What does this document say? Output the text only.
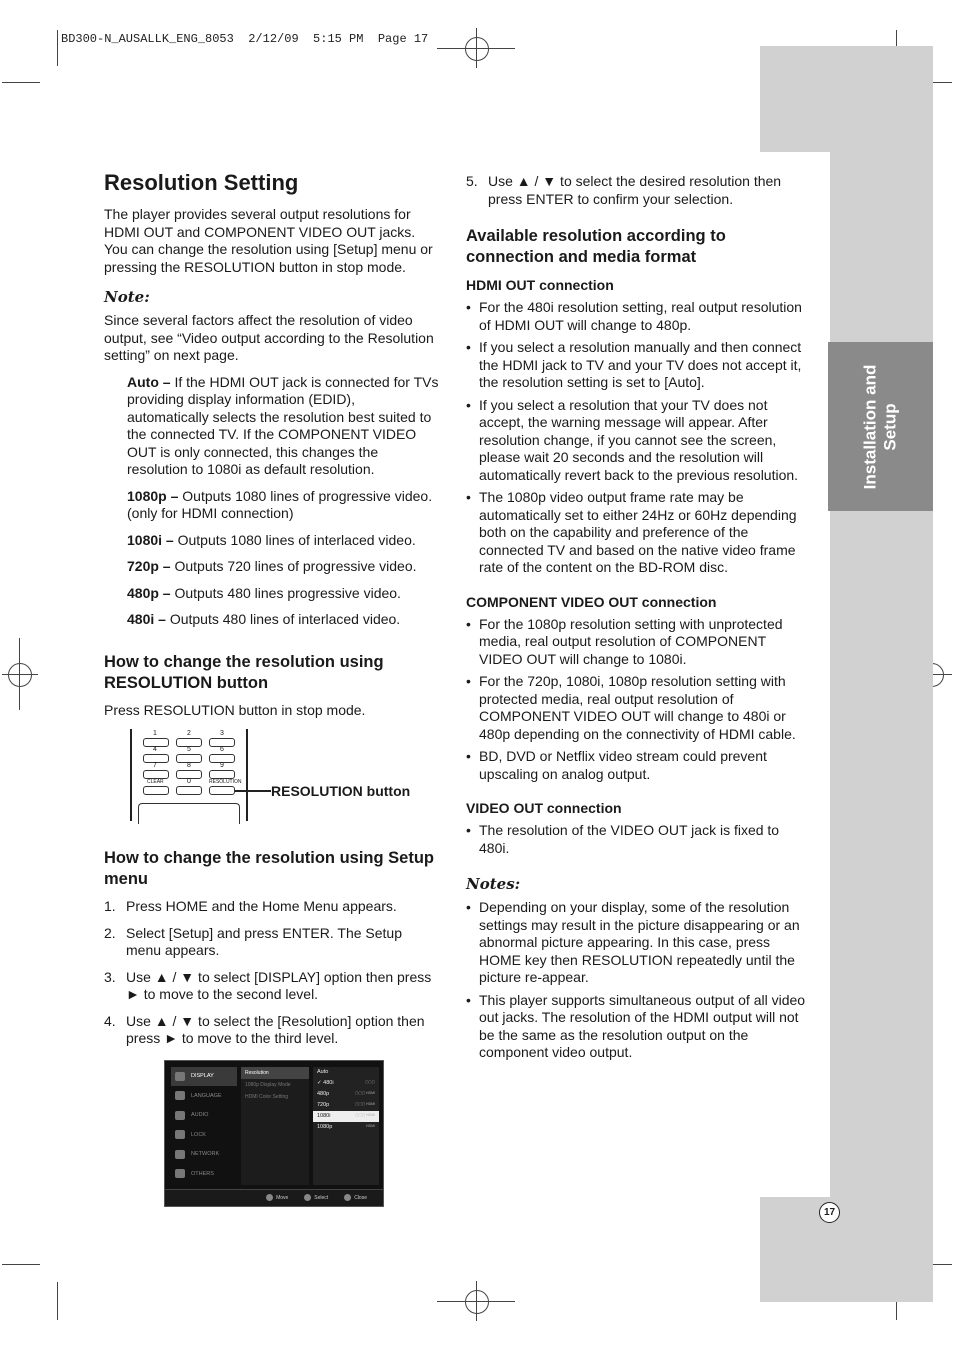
BD300-N_AUSALLK_ENG_8053  2/12/09  5:15 PM  Page 17
Installation and
Setup
17
Resolution Setting

The player provides several output resolutions for HDMI OUT and COMPONENT VIDEO OUT jacks. You can change the resolution using [Setup] menu or pressing the RESOLUTION button in stop mode.

Note:

Since several factors affect the resolution of video output, see “Video output according to the Resolution setting” on next page.

Auto – If the HDMI OUT jack is connected for TVs providing display information (EDID), automatically selects the resolution best suited to the connected TV. If the COMPONENT VIDEO OUT is only connected, this changes the resolution to 1080i as default resolution.
1080p – Outputs 1080 lines of progressive video. (only for HDMI connection)
1080i – Outputs 1080 lines of interlaced video.
720p – Outputs 720 lines of progressive video.
480p – Outputs 480 lines progressive video.
480i – Outputs 480 lines of interlaced video.
How to change the resolution using RESOLUTION button

Press RESOLUTION button in stop mode.

1	2	3
4	5	6
7	8	9
CLEAR	0	RESOLUTION
RESOLUTION button
How to change the resolution using Setup menu
1. Press HOME and the Home Menu appears.
2. Select [Setup] and press ENTER. The Setup menu appears.
3. Use ▲ / ▼ to select [DISPLAY] option then press ► to move to the second level.
4. Use ▲ / ▼ to select the [Resolution] option then press ► to move to the third level.
DISPLAY
LANGUAGE
AUDIO
LOCK
NETWORK
OTHERS
Resolution
1080p Display Mode
HDMI Color Setting
Auto
✓ 480i	▢▢▢
480p	▢▢▢ HDMI
720p	▢▢▢ HDMI
1080i	▢▢▢ HDMI
1080p	HDMI
Move	Select	Close
5. Use ▲ / ▼ to select the desired resolution then press ENTER to confirm your selection.
Available resolution according to connection and media format
HDMI OUT connection
• For the 480i resolution setting, real output resolution of HDMI OUT will change to 480p.
• If you select a resolution manually and then connect the HDMI jack to TV and your TV does not accept it, the resolution setting is set to [Auto].
• If you select a resolution that your TV does not accept, the warning message will appear. After resolution change, if you cannot see the screen, please wait 20 seconds and the resolution will automatically revert back to the previous resolution.
• The 1080p video output frame rate may be automatically set to either 24Hz or 60Hz depending both on the capability and preference of the connected TV and based on the native video frame rate of the content on the BD-ROM disc.
COMPONENT VIDEO OUT connection
• For the 1080p resolution setting with unprotected media, real output resolution of COMPONENT VIDEO OUT will change to 1080i.
• For the 720p, 1080i, 1080p resolution setting with protected media, real output resolution of COMPONENT VIDEO OUT will change to 480i or 480p depending on the connectivity of HDMI cable.
• BD, DVD or Netflix video stream could prevent upscaling on analog output.
VIDEO OUT connection
• The resolution of the VIDEO OUT jack is fixed to 480i.
Notes:
• Depending on your display, some of the resolution settings may result in the picture disappearing or an abnormal picture appearing. In this case, press HOME key then RESOLUTION repeatedly until the picture re-appear.
• This player supports simultaneous output of all video out jacks. The resolution of the HDMI output will not be the same as the resolution output on the component video output.
